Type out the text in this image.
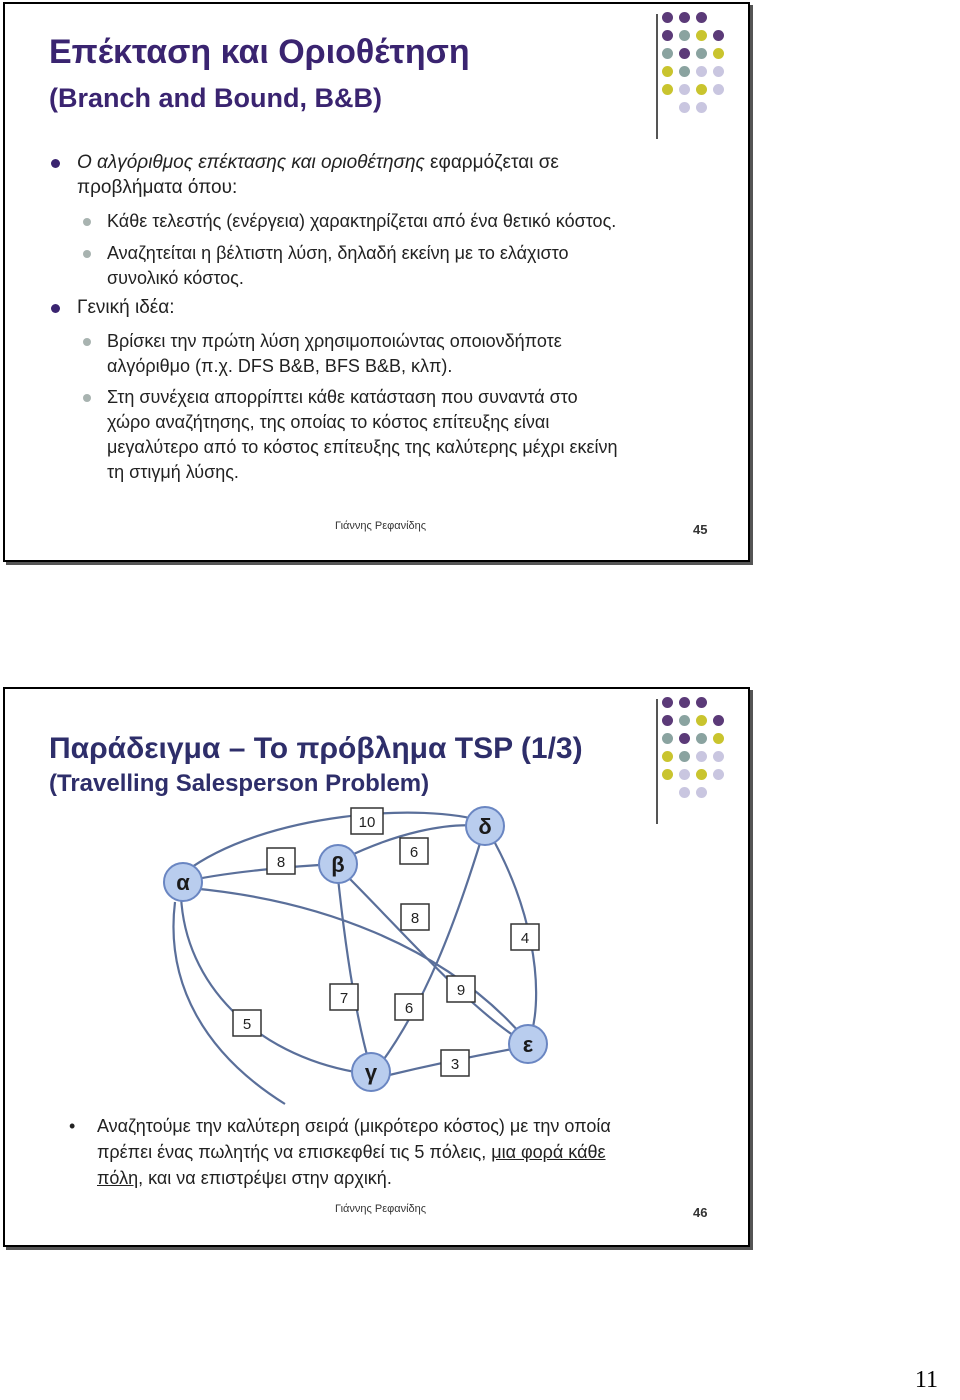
Επέκταση και Οριοθέτηση
(Branch and Bound, B&B)
Ο αλγόριθμος επέκτασης και οριοθέτησης εφαρμόζεται σε
προβλήματα όπου:
Κάθε τελεστής (ενέργεια) χαρακτηρίζεται από ένα θετικό κόστος.
Αναζητείται η βέλτιστη λύση, δηλαδή εκείνη με το ελάχιστο
συνολικό κόστος.
Γενική ιδέα:
Βρίσκει την πρώτη λύση χρησιμοποιώντας οποιονδήποτε
αλγόριθμο (π.χ. DFS B&B, BFS B&B, κλπ).
Στη συνέχεια απορρίπτει κάθε κατάσταση που συναντά στο
χώρο αναζήτησης, της οποίας το κόστος επίτευξης είναι
μεγαλύτερο από το κόστος επίτευξης της καλύτερης μέχρι εκείνη
τη στιγμή λύσης.
Γιάννης Ρεφανίδης	45
Παράδειγμα – Το πρόβλημα TSP (1/3)
(Travelling Salesperson Problem)
8
10
6
8
4
7
6
9
5
3
α
β
δ
ε
γ
• Αναζητούμε την καλύτερη σειρά (μικρότερο κόστος) με την οποία
πρέπει ένας πωλητής να επισκεφθεί τις 5 πόλεις, μια φορά κάθε
πόλη, και να επιστρέψει στην αρχική.
Γιάννης Ρεφανίδης	46
11
